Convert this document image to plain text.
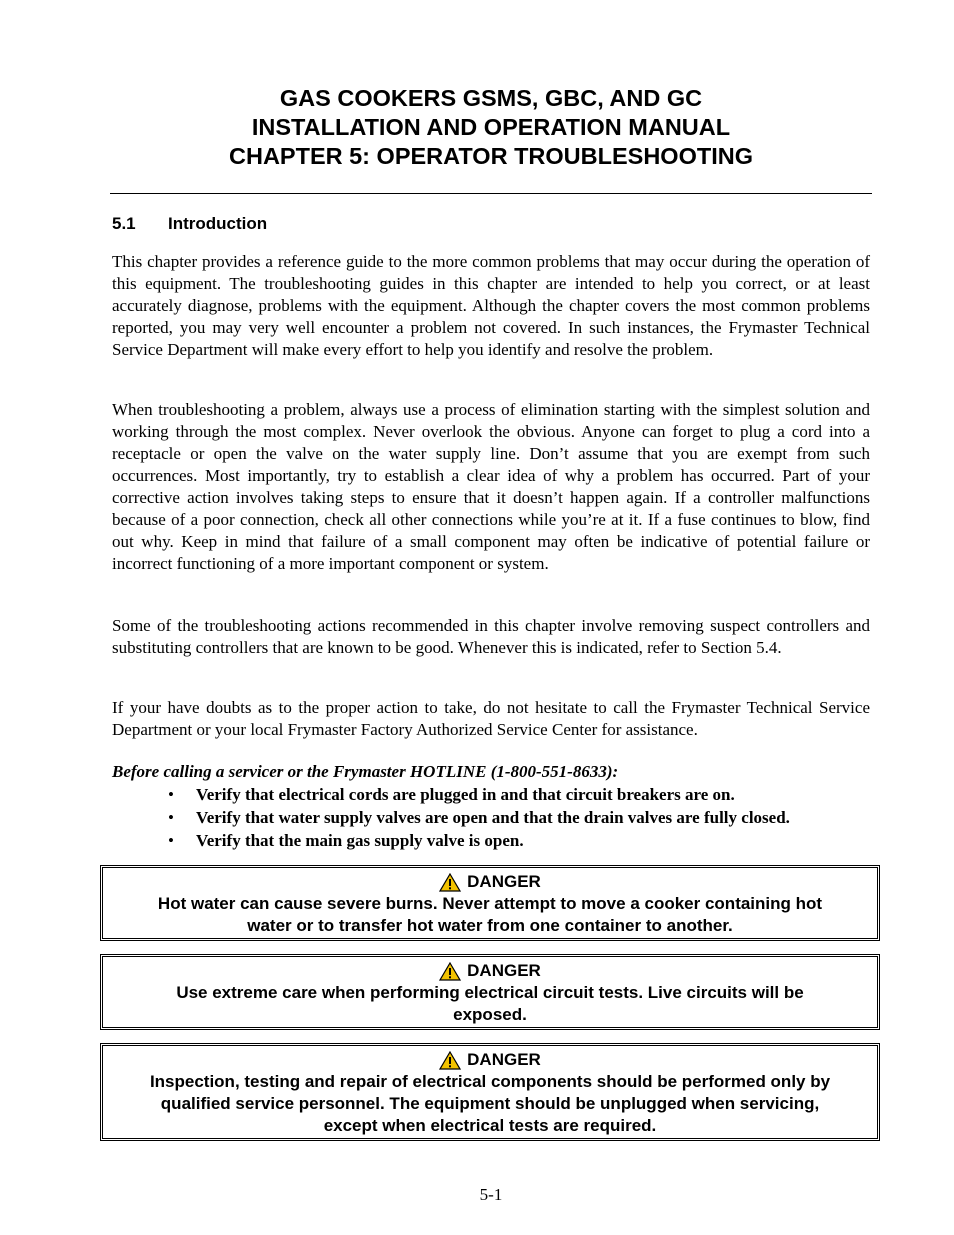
GAS COOKERS GSMS, GBC, AND GC
INSTALLATION AND OPERATION MANUAL
CHAPTER 5: OPERATOR TROUBLESHOOTING
5.1 Introduction

This chapter provides a reference guide to the more common problems that may occur during the operation of this equipment. The troubleshooting guides in this chapter are intended to help you correct, or at least accurately diagnose, problems with the equipment. Although the chapter covers the most common problems reported, you may very well encounter a problem not covered. In such instances, the Frymaster Technical Service Department will make every effort to help you identify and resolve the problem.

When troubleshooting a problem, always use a process of elimination starting with the simplest solution and working through the most complex. Never overlook the obvious. Anyone can forget to plug a cord into a receptacle or open the valve on the water supply line. Don’t assume that you are exempt from such occurrences. Most importantly, try to establish a clear idea of why a problem has occurred. Part of your corrective action involves taking steps to ensure that it doesn’t happen again. If a controller malfunctions because of a poor connection, check all other connections while you’re at it. If a fuse continues to blow, find out why. Keep in mind that failure of a small component may often be indicative of potential failure or incorrect functioning of a more important component or system.

Some of the troubleshooting actions recommended in this chapter involve removing suspect controllers and substituting controllers that are known to be good. Whenever this is indicated, refer to Section 5.4.

If your have doubts as to the proper action to take, do not hesitate to call the Frymaster Technical Service Department or your local Frymaster Factory Authorized Service Center for assistance.

Before calling a servicer or the Frymaster HOTLINE (1-800-551-8633):
• Verify that electrical cords are plugged in and that circuit breakers are on.
• Verify that water supply valves are open and that the drain valves are fully closed.
• Verify that the main gas supply valve is open.
DANGER
Hot water can cause severe burns. Never attempt to move a cooker containing hot
water or to transfer hot water from one container to another.
DANGER
Use extreme care when performing electrical circuit tests. Live circuits will be
exposed.
DANGER
Inspection, testing and repair of electrical components should be performed only by
qualified service personnel. The equipment should be unplugged when servicing,
except when electrical tests are required.
5-1
